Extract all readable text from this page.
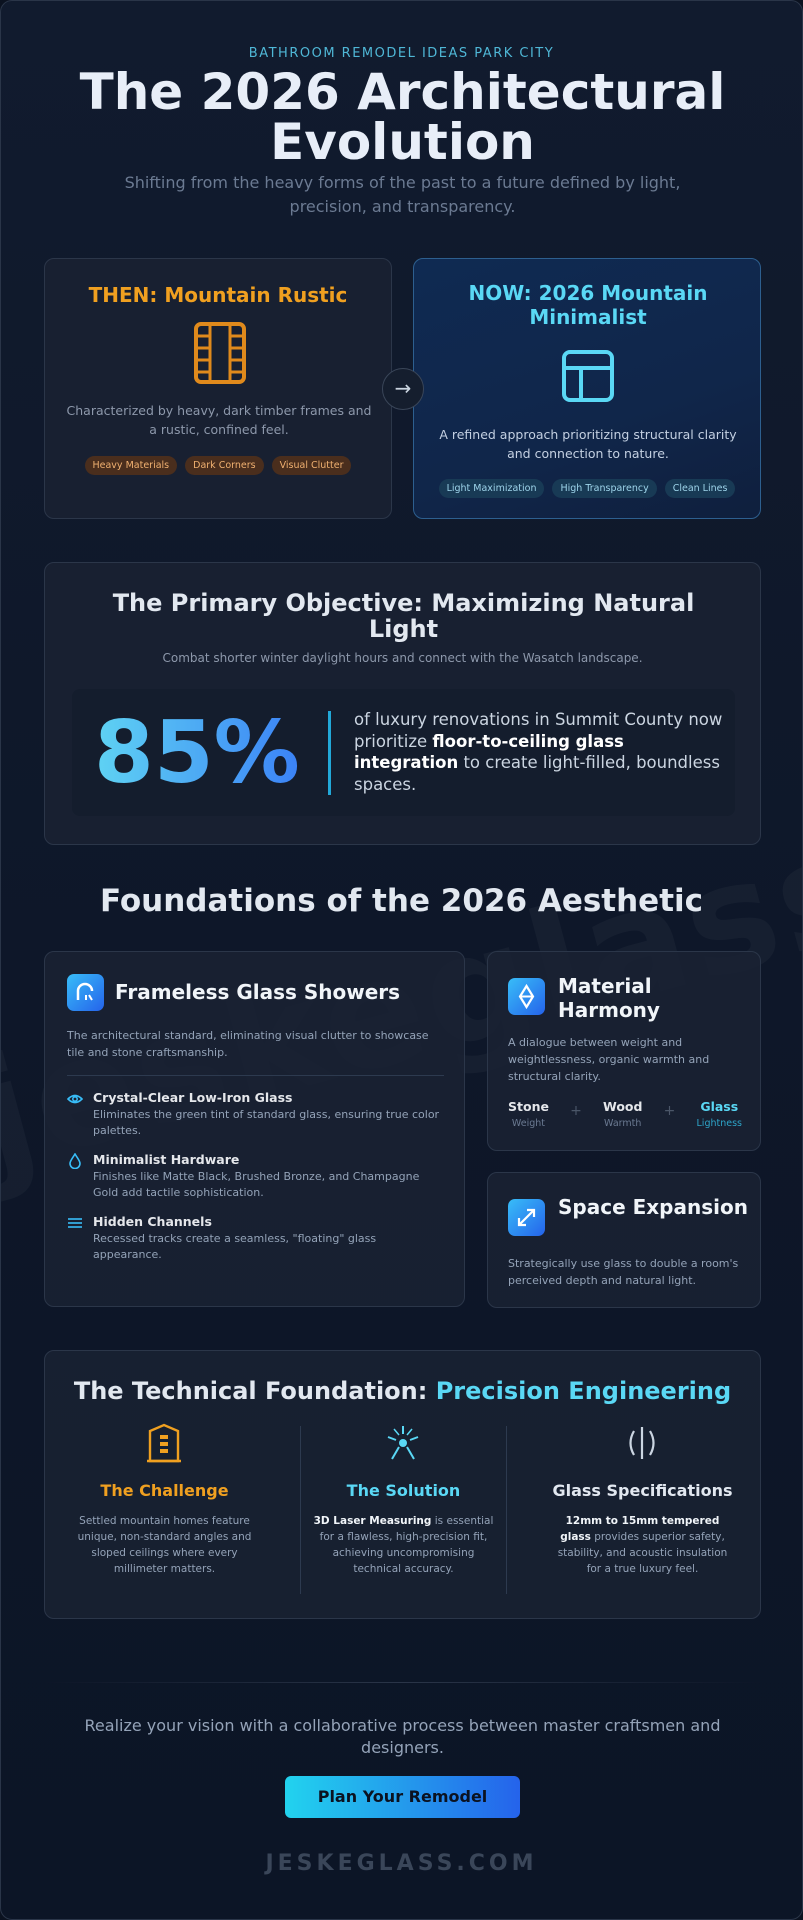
BATHROOM REMODEL IDEAS PARK CITY
The 2026 Architectural Evolution

Shifting from the heavy forms of the past to a future defined by light, precision, and transparency.

THEN: Mountain Rustic

Characterized by heavy, dark timber frames and a rustic, confined feel.

Heavy Materials	Dark Corners	Visual Clutter
→
NOW: 2026 Mountain Minimalist

A refined approach prioritizing structural clarity and connection to nature.

Light Maximization	High Transparency	Clean Lines
The Primary Objective: Maximizing Natural Light

Combat shorter winter daylight hours and connect with the Wasatch landscape.

85%	of luxury renovations in Summit County now prioritize floor-to-ceiling glass integration to create light-filled, boundless spaces.

Foundations of the 2026 Aesthetic
Frameless Glass Showers

The architectural standard, eliminating visual clutter to showcase tile and stone craftsmanship.

Crystal-Clear Low-Iron Glass

Eliminates the green tint of standard glass, ensuring true color palettes.

Minimalist Hardware

Finishes like Matte Black, Brushed Bronze, and Champagne Gold add tactile sophistication.

Hidden Channels

Recessed tracks create a seamless, "floating" glass appearance.

Material Harmony

A dialogue between weight and weightlessness, organic warmth and structural clarity.

Stone
Weight
+ Wood
Warmth
+	Glass
Lightness
Space Expansion

Strategically use glass to double a room's perceived depth and natural light.

The Technical Foundation: Precision Engineering
The Challenge

Settled mountain homes feature unique, non-standard angles and sloped ceilings where every millimeter matters.

The Solution

3D Laser Measuring is essential for a flawless, high-precision fit, achieving uncompromising technical accuracy.

Glass Specifications

12mm to 15mm tempered glass provides superior safety, stability, and acoustic insulation for a true luxury feel.

Realize your vision with a collaborative process between master craftsmen and designers.

Plan Your Remodel
JESKEGLASS.COM
